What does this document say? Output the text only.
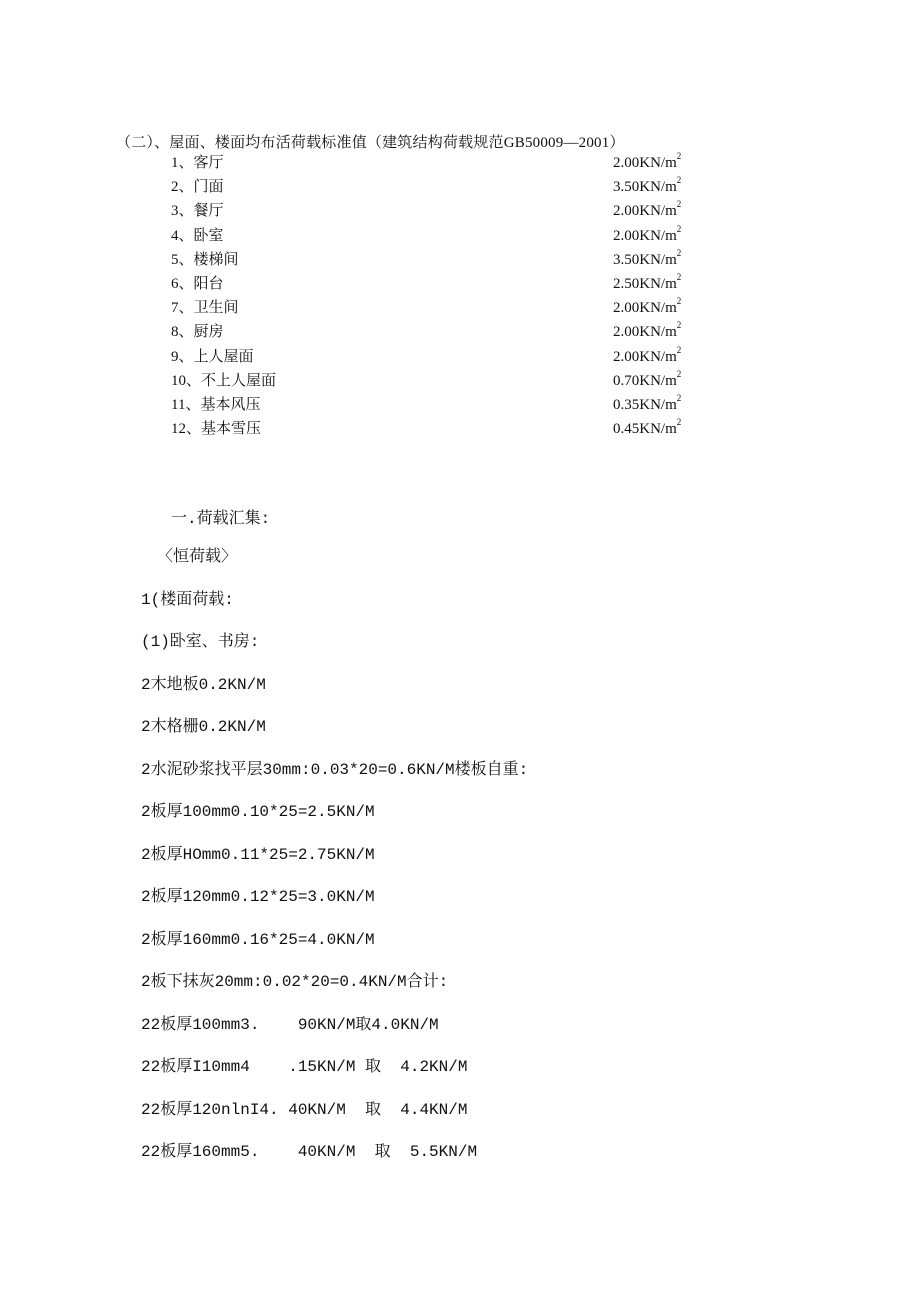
（二）、屋面、楼面均布活荷载标准值（建筑结构荷载规范GB50009—2001）
1、客厅	$2.00KN/m^2$
2、门面	$3.50KN/m^2$
3、餐厅	$2.00KN/m^2$
4、卧室	$2.00KN/m^2$
5、楼梯间	$3.50KN/m^2$
6、阳台	$2.50KN/m^2$
7、卫生间	$2.00KN/m^2$
8、厨房	$2.00KN/m^2$
9、上人屋面	$2.00KN/m^2$
10、不上人屋面	$0.70KN/m^2$
11、基本风压	$0.35KN/m^2$
12、基本雪压	$0.45KN/m^2$
一.荷载汇集:
〈恒荷载〉
1(楼面荷载:
(1)卧室、书房:
2木地板0.2KN/M
2木格栅0.2KN/M
2水泥砂浆找平层30mm:0.03*20=0.6KN/M楼板自重:
2板厚100mm0.10*25=2.5KN/M
2板厚HOmm0.11*25=2.75KN/M
2板厚120mm0.12*25=3.0KN/M
2板厚160mm0.16*25=4.0KN/M
2板下抹灰20mm:0.02*20=0.4KN/M合计:
22板厚100mm3.    90KN/M取4.0KN/M
22板厚I10mm4    .15KN/M 取  4.2KN/M
22板厚120nlnI4. 40KN/M  取  4.4KN/M
22板厚160mm5.    40KN/M  取  5.5KN/M
